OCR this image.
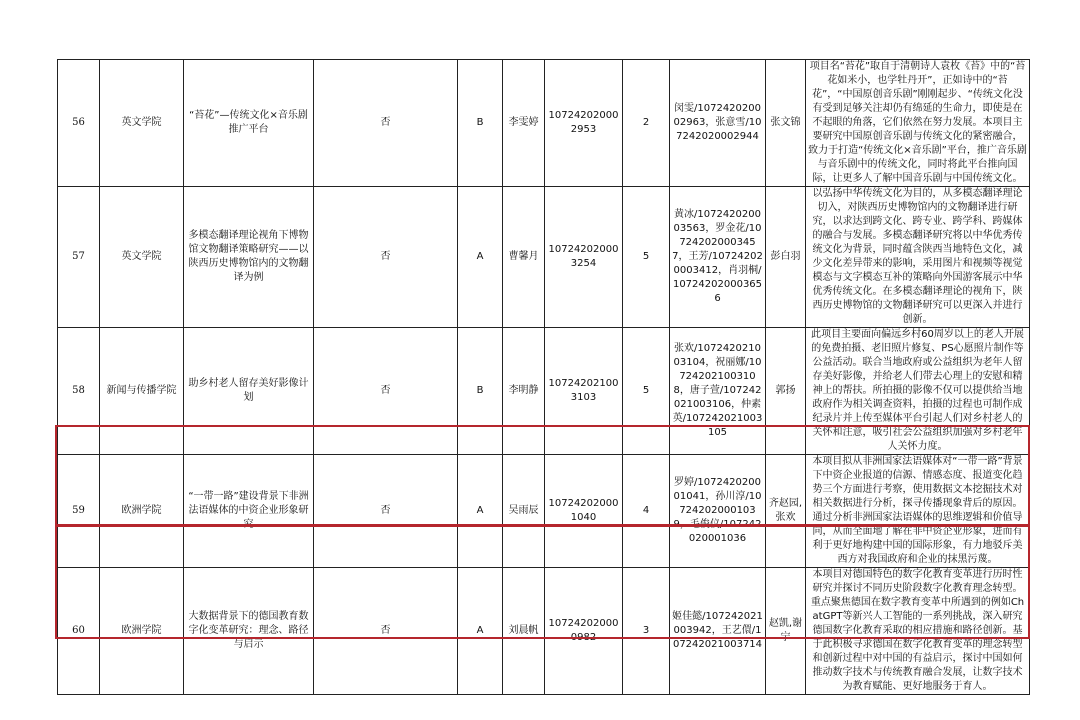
56	英文学院	“苔花”—传统文化×音乐剧推广平台	否	B	李雯婷	107242020002953	2	闵雯/107242020002963，张意雪/107242020002944	张文锦	项目名“苔花”取自于清朝诗人袁枚《苔》中的“苔花如米小，也学牡丹开”，正如诗中的“苔花”，“中国原创音乐剧”刚刚起步、“传统文化没有受到足够关注却仍有绵延的生命力，即使是在不起眼的角落，它们依然在努力发展。本项目主要研究中国原创音乐剧与传统文化的紧密融合，致力于打造“传统文化×音乐剧”平台，推广音乐剧与音乐剧中的传统文化，同时将此平台推向国际，让更多人了解中国音乐剧与中国传统文化。
57	英文学院	多模态翻译理论视角下博物馆文物翻译策略研究——以陕西历史博物馆内的文物翻译为例	否	A	曹馨月	107242020003254	5	黄冰/107242020003563，罗金花/107242020003457，王芳/107242020003412，肖羽桐/107242020003656	彭白羽	以弘扬中华传统文化为目的，从多模态翻译理论切入，对陕西历史博物馆内的文物翻译进行研究，以求达到跨文化、跨专业、跨学科、跨媒体的融合与发展。多模态翻译研究将以中华优秀传统文化为背景，同时蕴含陕西当地特色文化，减少文化差异带来的影响，采用图片和视频等视觉模态与文字模态互补的策略向外国游客展示中华优秀传统文化。在多模态翻译理论的视角下，陕西历史博物馆的文物翻译研究可以更深入并进行创新。
58	新闻与传播学院	助乡村老人留存美好影像计划	否	B	李明静	107242021003103	5	张欢/107242021003104，祝丽娜/107242021003108，唐子萱/107242021003106，仲素英/107242021003105	郭扬	此项目主要面向偏远乡村60周岁以上的老人开展的免费拍摄、老旧照片修复、PS心愿照片制作等公益活动。联合当地政府或公益组织为老年人留存美好影像，并给老人们带去心理上的安慰和精神上的帮扶。所拍摄的影像不仅可以提供给当地政府作为相关调查资料，拍摄的过程也可制作成纪录片并上传至媒体平台引起人们对乡村老人的关怀和注意，吸引社会公益组织加强对乡村老年人关怀力度。
59	欧洲学院	“一带一路”建设背景下非洲法语媒体的中资企业形象研究	否	A	吴雨辰	107242020001040	4	罗婷/107242020001041，孙川淳/107242020001039，毛俊仪/107242020001036	齐赵园,张欢	本项目拟从非洲国家法语媒体对“一带一路”背景下中资企业报道的信源、情感态度、报道变化趋势三个方面进行考察，使用数据文本挖掘技术对相关数据进行分析，探寻传播现象背后的原因。通过分析非洲国家法语媒体的思维逻辑和价值导向，从而全面地了解在非中资企业形象，进而有利于更好地构建中国的国际形象，有力地驳斥美西方对我国政府和企业的抹黑污蔑。
60	欧洲学院	大数据背景下的德国教育数字化变革研究：理念、路径与启示	否	A	刘晨帆	107242020000982	3	姬佳懿/107242021003942，王艺儇/107242021003714	赵凯,谢宁	本项目对德国特色的数字化教育变革进行历时性研究并探讨不同历史阶段数字化教育理念转型。重点聚焦德国在数字教育变革中所遇到的例如ChatGPT等新兴人工智能的一系列挑战，深入研究德国数字化教育采取的相应措施和路径创新。基于此积极寻求德国在数字化教育变革的理念转型和创新过程中对中国的有益启示，探讨中国如何推动数字技术与传统教育融合发展，让数字技术为教育赋能、更好地服务于育人。
